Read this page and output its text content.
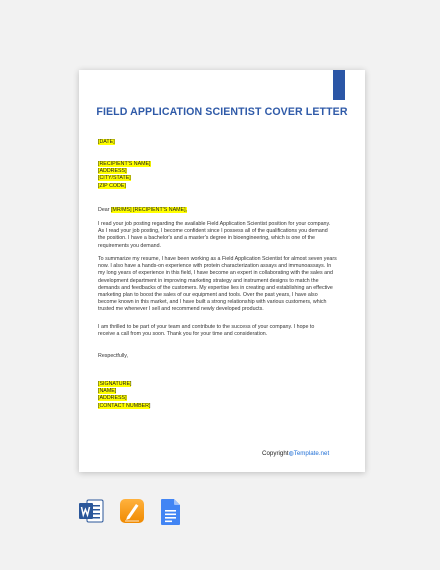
FIELD APPLICATION SCIENTIST COVER LETTER
[DATE]
[RECIPIENT'S NAME]
[ADDRESS]
[CITY/STATE]
[ZIP CODE]
Dear [MR/MS] [RECIPIENT'S NAME],
I read your job posting regarding the available Field Application Scientist position for your company.
As I read your job posting, I become confident since I possess all of the qualifications you demand
the position. I have a bachelor's and a master's degree in bioengineering, which is one of the
requirements you demand.
To summarize my resume, I have been working as a Field Application Scientist for almost seven years
now. I also have a hands-on experience with protein characterization assays and immunoassays. In
my long years of experience in this field, I have become an expert in collaborating with the sales and
development department in improving marketing strategy and instrument designs to match the
demands and feedbacks of the customers. My expertise lies in creating and establishing an effective
marketing plan to boost the sales of our equipment and tools. Over the past years, I have also
become known in this market, and I have built a strong relationship with various customers, which
trusted me whenever I sell and recommend newly developed products.
I am thrilled to be part of your team and contribute to the success of your company. I hope to
receive a call from you soon. Thank you for your time and consideration.
Respectfully,
[SIGNATURE]
[NAME]
[ADDRESS]
[CONTACT NUMBER]
Copyright◍Template.net
